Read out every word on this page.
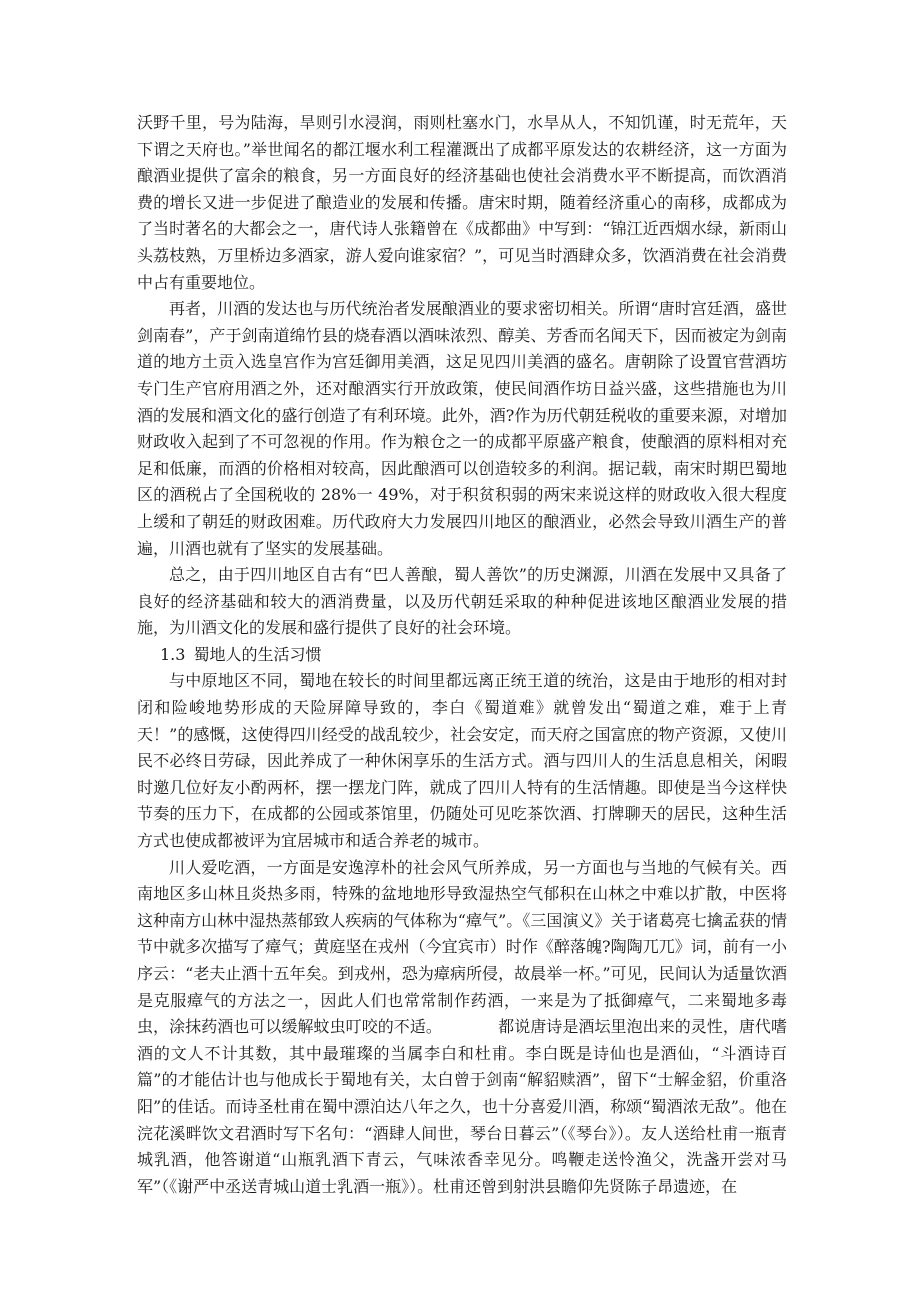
沃野千里，号为陆海，旱则引水浸润，雨则杜塞水门，水旱从人，不知饥谨，时无荒年，天下谓之天府也。”举世闻名的都江堰水利工程灌溉出了成都平原发达的农耕经济，这一方面为酿酒业提供了富余的粮食，另一方面良好的经济基础也使社会消费水平不断提高，而饮酒消费的增长又进一步促进了酿造业的发展和传播。唐宋时期，随着经济重心的南移，成都成为了当时著名的大都会之一，唐代诗人张籍曾在《成都曲》中写到：“锦江近西烟水绿，新雨山头荔枝熟，万里桥边多酒家，游人爱向谁家宿？”，可见当时酒肆众多，饮酒消费在社会消费中占有重要地位。

再者，川酒的发达也与历代统治者发展酿酒业的要求密切相关。所谓“唐时宫廷酒，盛世剑南春”，产于剑南道绵竹县的烧春酒以酒味浓烈、醇美、芳香而名闻天下，因而被定为剑南道的地方土贡入选皇宫作为宫廷御用美酒，这足见四川美酒的盛名。唐朝除了设置官营酒坊专门生产官府用酒之外，还对酿酒实行开放政策，使民间酒作坊日益兴盛，这些措施也为川酒的发展和酒文化的盛行创造了有利环境。此外，酒?作为历代朝廷税收的重要来源，对增加财政收入起到了不可忽视的作用。作为粮仓之一的成都平原盛产粮食，使酿酒的原料相对充足和低廉，而酒的价格相对较高，因此酿酒可以创造较多的利润。据记载，南宋时期巴蜀地区的酒税占了全国税收的 28%一 49%，对于积贫积弱的两宋来说这样的财政收入很大程度上缓和了朝廷的财政困难。历代政府大力发展四川地区的酿酒业，必然会导致川酒生产的普遍，川酒也就有了坚实的发展基础。

总之，由于四川地区自古有“巴人善酿，蜀人善饮”的历史渊源，川酒在发展中又具备了良好的经济基础和较大的酒消费量，以及历代朝廷采取的种种促进该地区酿酒业发展的措施，为川酒文化的发展和盛行提供了良好的社会环境。

1.3 蜀地人的生活习惯

与中原地区不同，蜀地在较长的时间里都远离正统王道的统治，这是由于地形的相对封闭和险峻地势形成的天险屏障导致的，李白《蜀道难》就曾发出“蜀道之难，难于上青天！”的感慨，这使得四川经受的战乱较少，社会安定，而天府之国富庶的物产资源，又使川民不必终日劳碌，因此养成了一种休闲享乐的生活方式。酒与四川人的生活息息相关，闲暇时邀几位好友小酌两杯，摆一摆龙门阵，就成了四川人特有的生活情趣。即使是当今这样快节奏的压力下，在成都的公园或茶馆里，仍随处可见吃茶饮酒、打牌聊天的居民，这种生活方式也使成都被评为宜居城市和适合养老的城市。

川人爱吃酒，一方面是安逸淳朴的社会风气所养成，另一方面也与当地的气候有关。西南地区多山林且炎热多雨，特殊的盆地地形导致湿热空气郁积在山林之中难以扩散，中医将这种南方山林中湿热蒸郁致人疾病的气体称为“瘴气”。《三国演义》关于诸葛亮七擒孟获的情节中就多次描写了瘴气；黄庭坚在戎州（今宜宾市）时作《醉落魄?陶陶兀兀》词，前有一小序云：“老夫止酒十五年矣。到戎州，恐为瘴病所侵，故晨举一杯。”可见，民间认为适量饮酒是克服瘴气的方法之一，因此人们也常常制作药酒，一来是为了抵御瘴气，二来蜀地多毒虫，涂抹药酒也可以缓解蚊虫叮咬的不适。　　　　都说唐诗是酒坛里泡出来的灵性，唐代嗜酒的文人不计其数，其中最璀璨的当属李白和杜甫。李白既是诗仙也是酒仙，“斗酒诗百篇”的才能估计也与他成长于蜀地有关，太白曾于剑南“解貂赎酒”，留下“士解金貂，价重洛阳”的佳话。而诗圣杜甫在蜀中漂泊达八年之久，也十分喜爱川酒，称颂“蜀酒浓无敌”。他在浣花溪畔饮文君酒时写下名句：“酒肆人间世，琴台日暮云”（《琴台》）。友人送给杜甫一瓶青城乳酒，他答谢道“山瓶乳酒下青云，气味浓香幸见分。鸣鞭走送怜渔父，洗盏开尝对马军”（《谢严中丞送青城山道士乳酒一瓶》）。杜甫还曾到射洪县瞻仰先贤陈子昂遗迹，在
